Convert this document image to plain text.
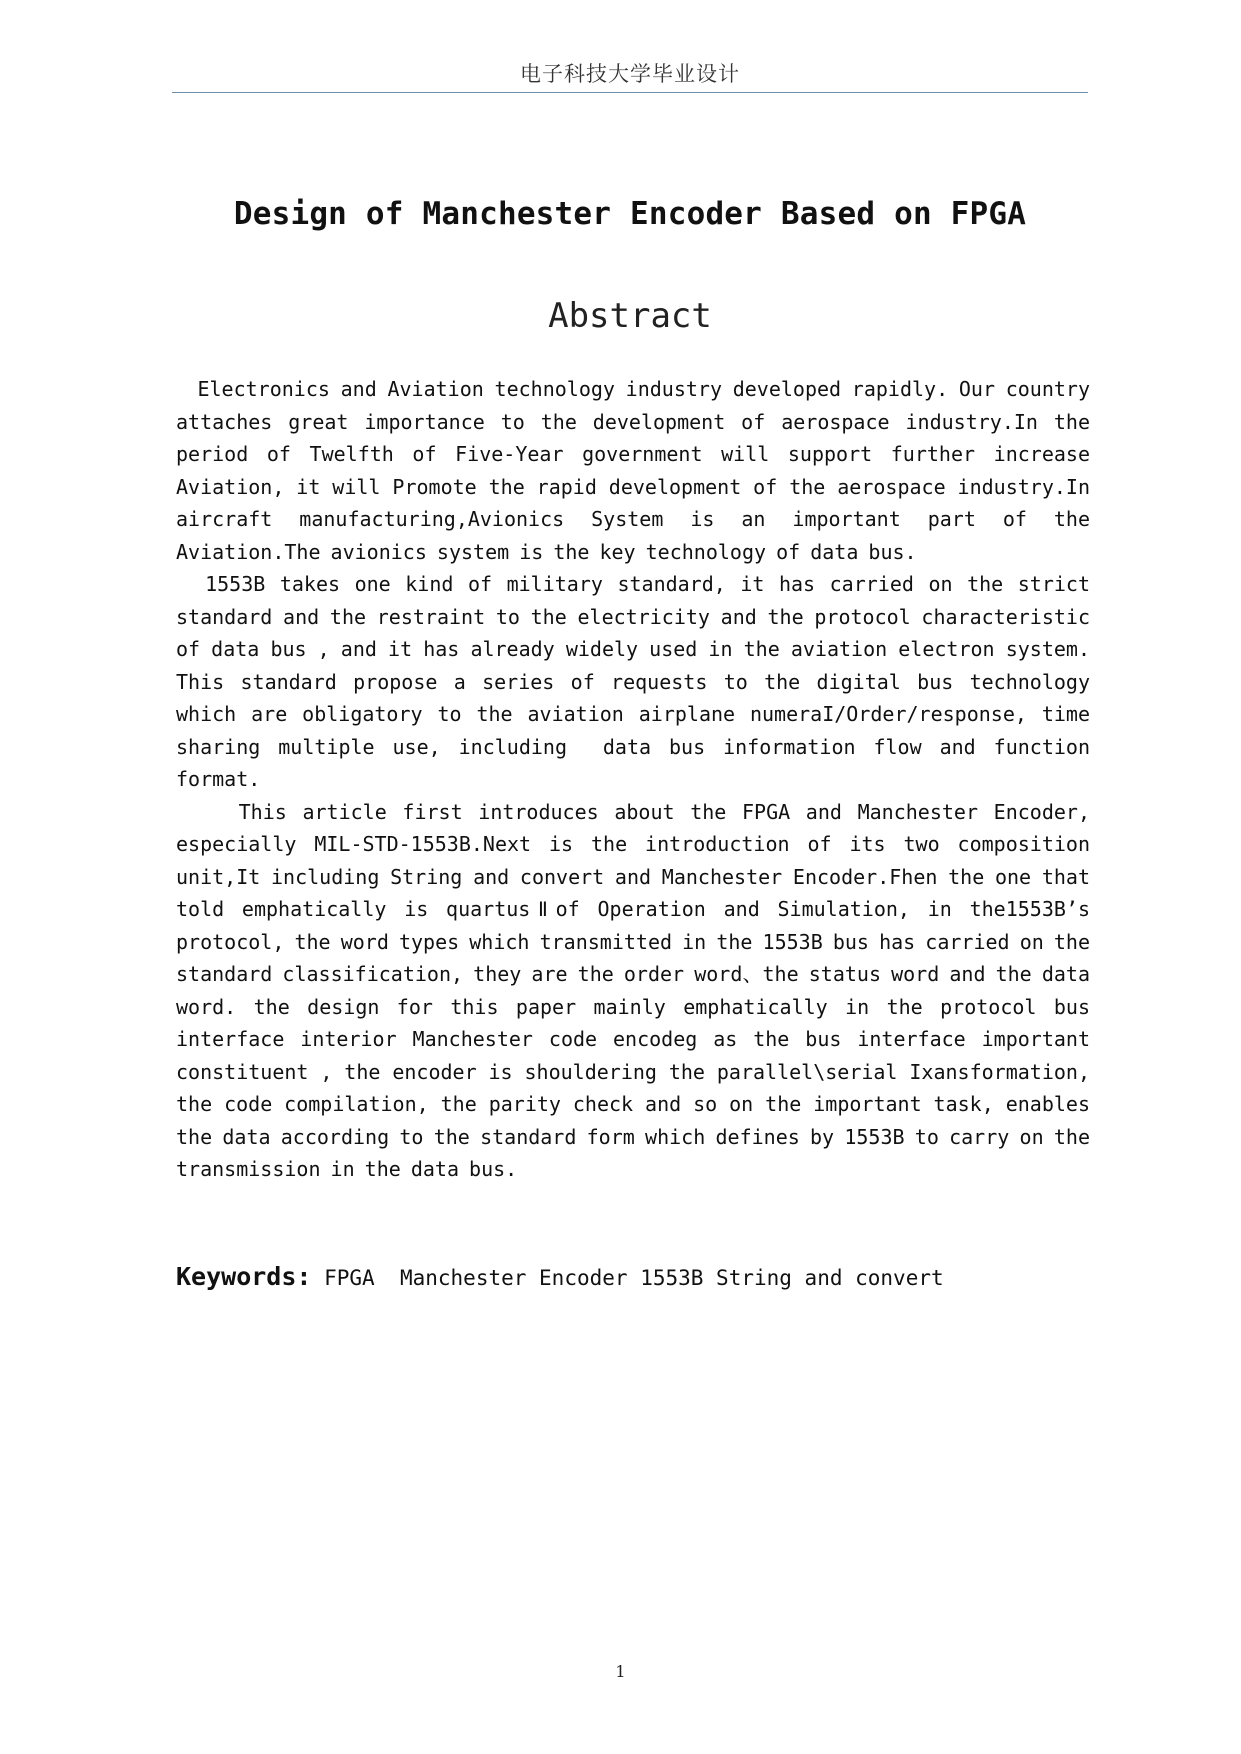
电子科技大学毕业设计
Design of Manchester Encoder Based on FPGA
Abstract

Electronics and Aviation technology industry developed rapidly. Our country attaches great importance to the development of aerospace industry.In the period of Twelfth of Five-Year government will support further increase Aviation, it will Promote the rapid development of the aerospace industry.In aircraft manufacturing,Avionics System is an important part of the Aviation.The avionics system is the key technology of data bus.

1553B takes one kind of military standard, it has carried on the strict standard and the restraint to the electricity and the protocol characteristic of data bus , and it has already widely used in the aviation electron system. This standard propose a series of requests to the digital bus technology which are obligatory to the aviation airplane numeraI/Order/response, time sharing multiple use, including  data bus information flow and function format.

This article first introduces about the FPGA and Manchester Encoder, especially MIL-STD-1553B.Next is the introduction of its two composition unit,It including String and convert and Manchester Encoder.Fhen the one that told emphatically is quartusⅡof Operation and Simulation, in the1553B’s protocol, the word types which transmitted in the 1553B bus has carried on the standard classification, they are the order word、the status word and the data word. the design for this paper mainly emphatically in the protocol bus interface interior Manchester code encodeg as the bus interface important constituent , the encoder is shouldering the parallel\serial Ixansformation, the code compilation, the parity check and so on the important task, enables the data according to the standard form which defines by 1553B to carry on the transmission in the data bus.

Keywords: FPGA  Manchester Encoder 1553B String and convert
1
